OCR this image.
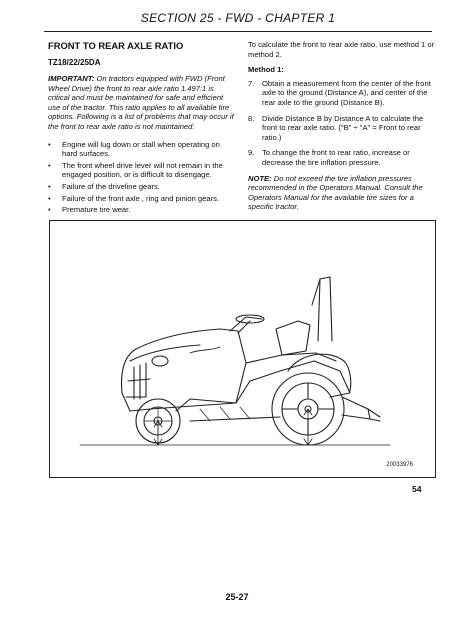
SECTION 25 - FWD - CHAPTER 1
FRONT TO REAR AXLE RATIO
TZ18/22/25DA
IMPORTANT: On tractors equipped with FWD (Front Wheel Drive) the front to rear axle ratio 1.497:1 is critical and must be maintained for safe and efficient use of the tractor. This ratio applies to all available tire options. Following is a list of problems that may occur if the front to rear axle ratio is not maintained:
• Engine will lug down or stall when operating on hard surfaces.
• The front wheel drive lever will not remain in the engaged position, or is difficult to disengage.
• Failure of the driveline gears.
• Failure of the front axle , ring and pinion gears.
• Premature tire wear.

To calculate the front to rear axle ratio, use method 1 or method 2.

Method 1:
7. Obtain a measurement from the center of the front axle to the ground (Distance A), and center of the rear axle to the ground (Distance B).
8. Divide Distance B by Distance A to calculate the front to rear axle ratio. ("B" ÷ "A" = Front to rear ratio.)
9. To change the front to rear ratio, increase or decrease the tire inflation pressure.
NOTE: Do not exceed the tire inflation pressures recommended in the Operators Manual. Consult the Operators Manual for the available tire sizes for a specific tractor.
20033976
54
25-27
